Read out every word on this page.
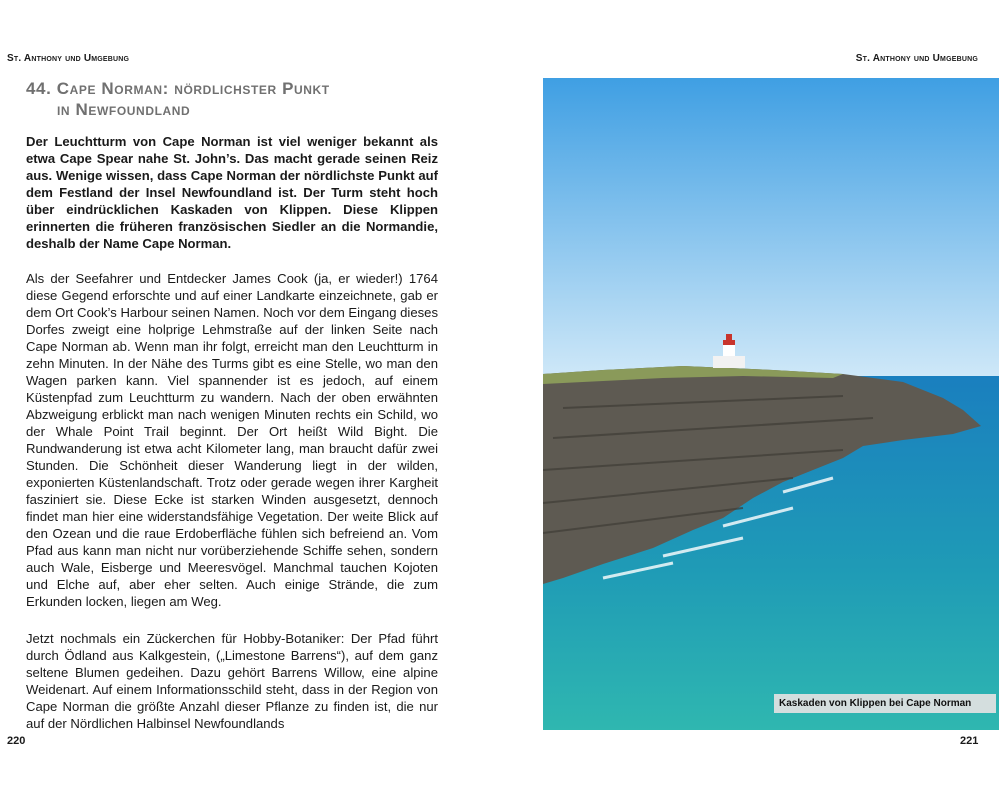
St. Anthony und Umgebung	St. Anthony und Umgebung
44. Cape Norman: nördlichster Punkt
in Newfoundland

Der Leuchtturm von Cape Norman ist viel weniger bekannt als etwa Cape Spear nahe St. John’s. Das macht gerade seinen Reiz aus. Wenige wissen, dass Cape Norman der nördlichste Punkt auf dem Festland der Insel Newfoundland ist. Der Turm steht hoch über eindrücklichen Kaskaden von Klippen. Diese Klippen erinnerten die früheren französischen Siedler an die Normandie, deshalb der Name Cape Norman.

Als der Seefahrer und Entdecker James Cook (ja, er wieder!) 1764 diese Gegend erforschte und auf einer Landkarte einzeichnete, gab er dem Ort Cook’s Harbour seinen Namen. Noch vor dem Eingang dieses Dorfes zweigt eine holprige Lehmstraße auf der linken Seite nach Cape Norman ab. Wenn man ihr folgt, erreicht man den Leuchtturm in zehn Minuten. In der Nähe des Turms gibt es eine Stelle, wo man den Wagen parken kann. Viel spannender ist es jedoch, auf einem Küstenpfad zum Leuchtturm zu wandern. Nach der oben erwähnten Abzweigung erblickt man nach wenigen Minuten rechts ein Schild, wo der Whale Point Trail beginnt. Der Ort heißt Wild Bight. Die Rundwanderung ist etwa acht Kilometer lang, man braucht dafür zwei Stunden. Die Schönheit dieser Wanderung liegt in der wilden, exponierten Küstenlandschaft. Trotz oder gerade wegen ihrer Kargheit fasziniert sie. Diese Ecke ist starken Winden ausgesetzt, dennoch findet man hier eine widerstandsfähige Vegetation. Der weite Blick auf den Ozean und die raue Erdoberfläche fühlen sich befreiend an. Vom Pfad aus kann man nicht nur vorüberziehende Schiffe sehen, sondern auch Wale, Eisberge und Meeresvögel. Manchmal tauchen Kojoten und Elche auf, aber eher selten. Auch einige Strände, die zum Erkunden locken, liegen am Weg.

Jetzt nochmals ein Zückerchen für Hobby-Botaniker: Der Pfad führt durch Ödland aus Kalkgestein, („Limestone Barrens“), auf dem ganz seltene Blumen gedeihen. Dazu gehört Barrens Willow, eine alpine Weidenart. Auf einem Informationsschild steht, dass in der Region von Cape Norman die größte Anzahl dieser Pflanze zu finden ist, die nur auf der Nördlichen Halbinsel Newfoundlands

Kaskaden von Klippen bei Cape Norman
220	221
